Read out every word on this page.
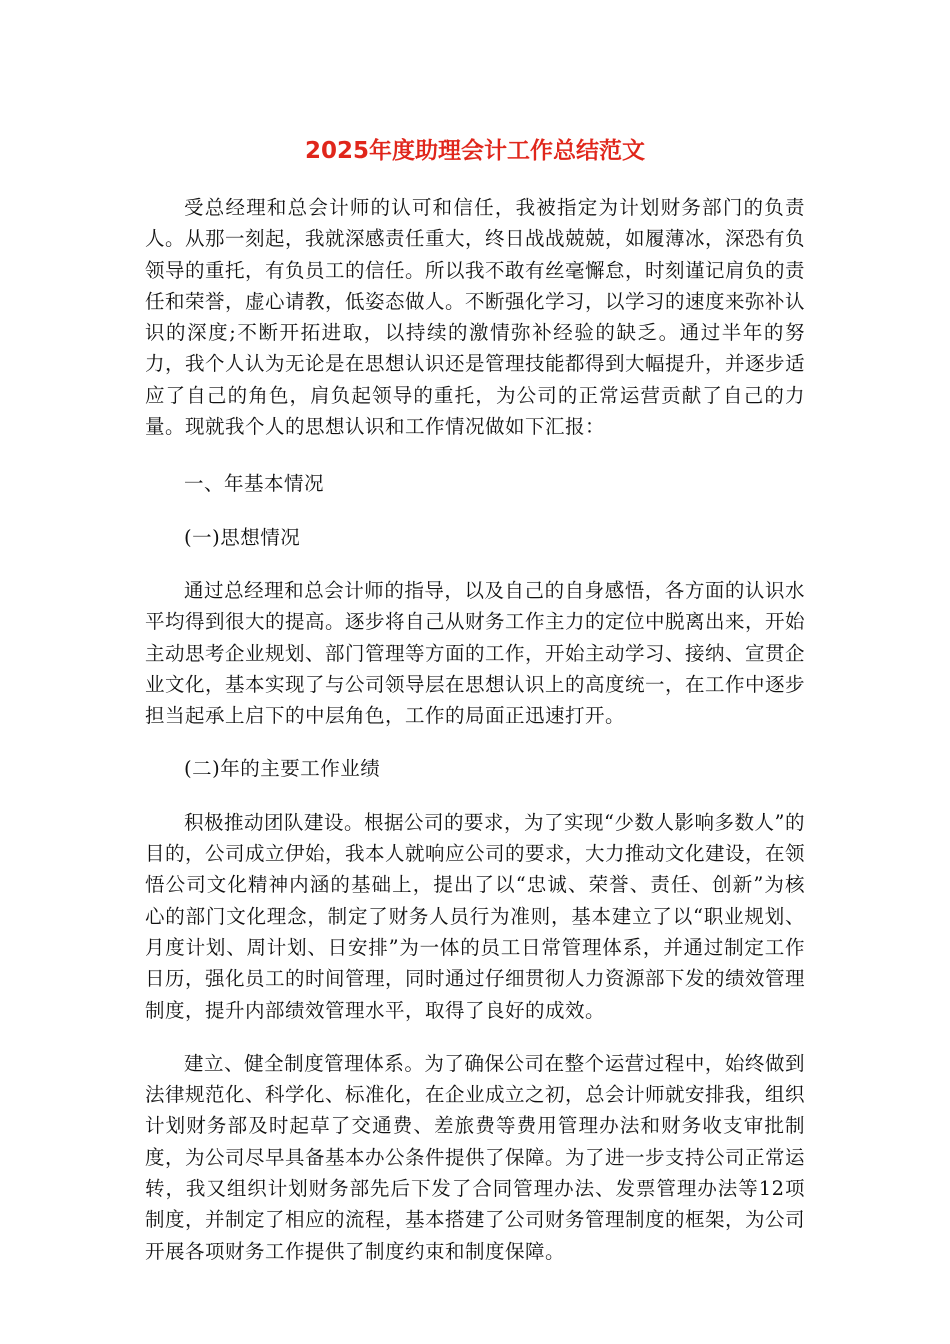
2025年度助理会计工作总结范文

受总经理和总会计师的认可和信任，我被指定为计划财务部门的负责人。从那一刻起，我就深感责任重大，终日战战兢兢，如履薄冰，深恐有负领导的重托，有负员工的信任。所以我不敢有丝毫懈怠，时刻谨记肩负的责任和荣誉，虚心请教，低姿态做人。不断强化学习，以学习的速度来弥补认识的深度;不断开拓进取，以持续的激情弥补经验的缺乏。通过半年的努力，我个人认为无论是在思想认识还是管理技能都得到大幅提升，并逐步适应了自己的角色，肩负起领导的重托，为公司的正常运营贡献了自己的力量。现就我个人的思想认识和工作情况做如下汇报：

一、年基本情况

(一)思想情况

通过总经理和总会计师的指导，以及自己的自身感悟，各方面的认识水平均得到很大的提高。逐步将自己从财务工作主力的定位中脱离出来，开始主动思考企业规划、部门管理等方面的工作，开始主动学习、接纳、宣贯企业文化，基本实现了与公司领导层在思想认识上的高度统一，在工作中逐步担当起承上启下的中层角色，工作的局面正迅速打开。

(二)年的主要工作业绩

积极推动团队建设。根据公司的要求，为了实现“少数人影响多数人”的目的，公司成立伊始，我本人就响应公司的要求，大力推动文化建设，在领悟公司文化精神内涵的基础上，提出了以“忠诚、荣誉、责任、创新”为核心的部门文化理念，制定了财务人员行为准则，基本建立了以“职业规划、月度计划、周计划、日安排”为一体的员工日常管理体系，并通过制定工作日历，强化员工的时间管理，同时通过仔细贯彻人力资源部下发的绩效管理制度，提升内部绩效管理水平，取得了良好的成效。

建立、健全制度管理体系。为了确保公司在整个运营过程中，始终做到法律规范化、科学化、标准化，在企业成立之初，总会计师就安排我，组织计划财务部及时起草了交通费、差旅费等费用管理办法和财务收支审批制度，为公司尽早具备基本办公条件提供了保障。为了进一步支持公司正常运转，我又组织计划财务部先后下发了合同管理办法、发票管理办法等12项制度，并制定了相应的流程，基本搭建了公司财务管理制度的框架，为公司开展各项财务工作提供了制度约束和制度保障。
